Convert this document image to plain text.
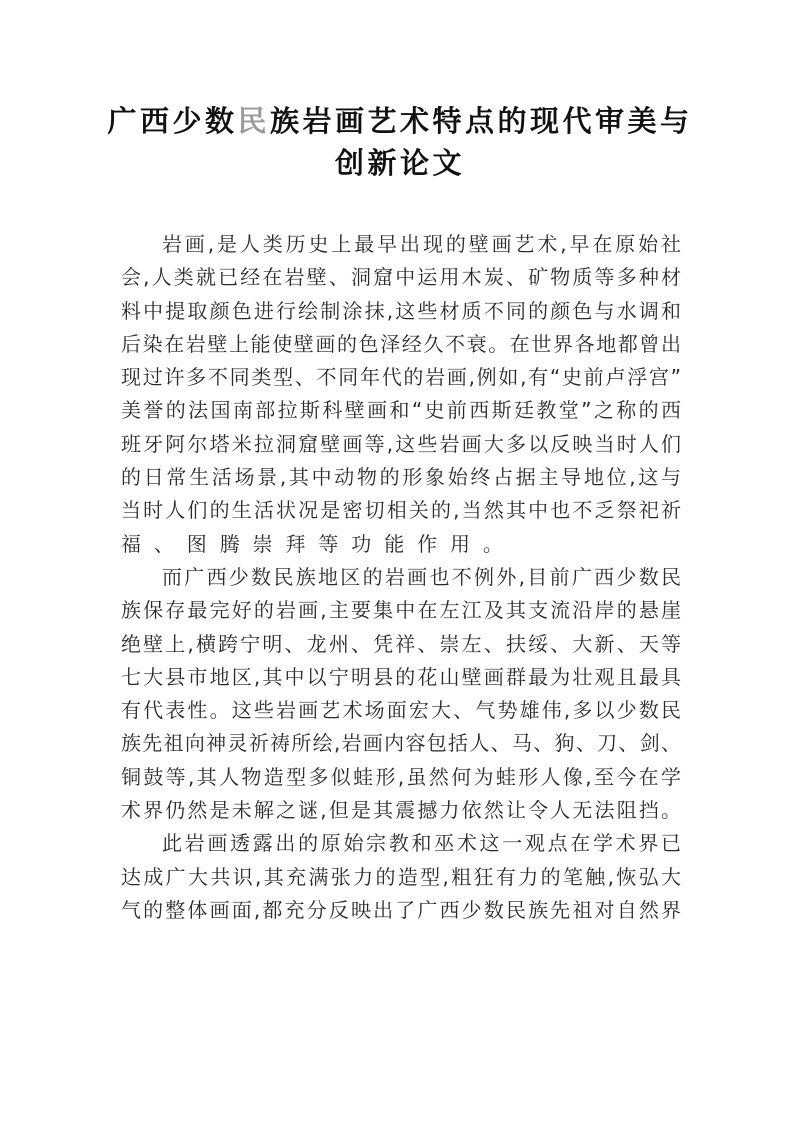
广西少数民族岩画艺术特点的现代审美与
创新论文
岩画,是人类历史上最早出现的壁画艺术,早在原始社
会,人类就已经在岩壁、洞窟中运用木炭、矿物质等多种材
料中提取颜色进行绘制涂抹,这些材质不同的颜色与水调和
后染在岩壁上能使壁画的色泽经久不衰。在世界各地都曾出
现过许多不同类型、不同年代的岩画,例如,有“史前卢浮宫”
美誉的法国南部拉斯科壁画和“史前西斯廷教堂”之称的西
班牙阿尔塔米拉洞窟壁画等,这些岩画大多以反映当时人们
的日常生活场景,其中动物的形象始终占据主导地位,这与
当时人们的生活状况是密切相关的,当然其中也不乏祭祀祈
福、图腾崇拜等功能作用。
而广西少数民族地区的岩画也不例外,目前广西少数民
族保存最完好的岩画,主要集中在左江及其支流沿岸的悬崖
绝壁上,横跨宁明、龙州、凭祥、崇左、扶绥、大新、天等
七大县市地区,其中以宁明县的花山壁画群最为壮观且最具
有代表性。这些岩画艺术场面宏大、气势雄伟,多以少数民
族先祖向神灵祈祷所绘,岩画内容包括人、马、狗、刀、剑、
铜鼓等,其人物造型多似蛙形,虽然何为蛙形人像,至今在学
术界仍然是未解之谜,但是其震撼力依然让令人无法阻挡。
此岩画透露出的原始宗教和巫术这一观点在学术界已
达成广大共识,其充满张力的造型,粗狂有力的笔触,恢弘大
气的整体画面,都充分反映出了广西少数民族先祖对自然界
